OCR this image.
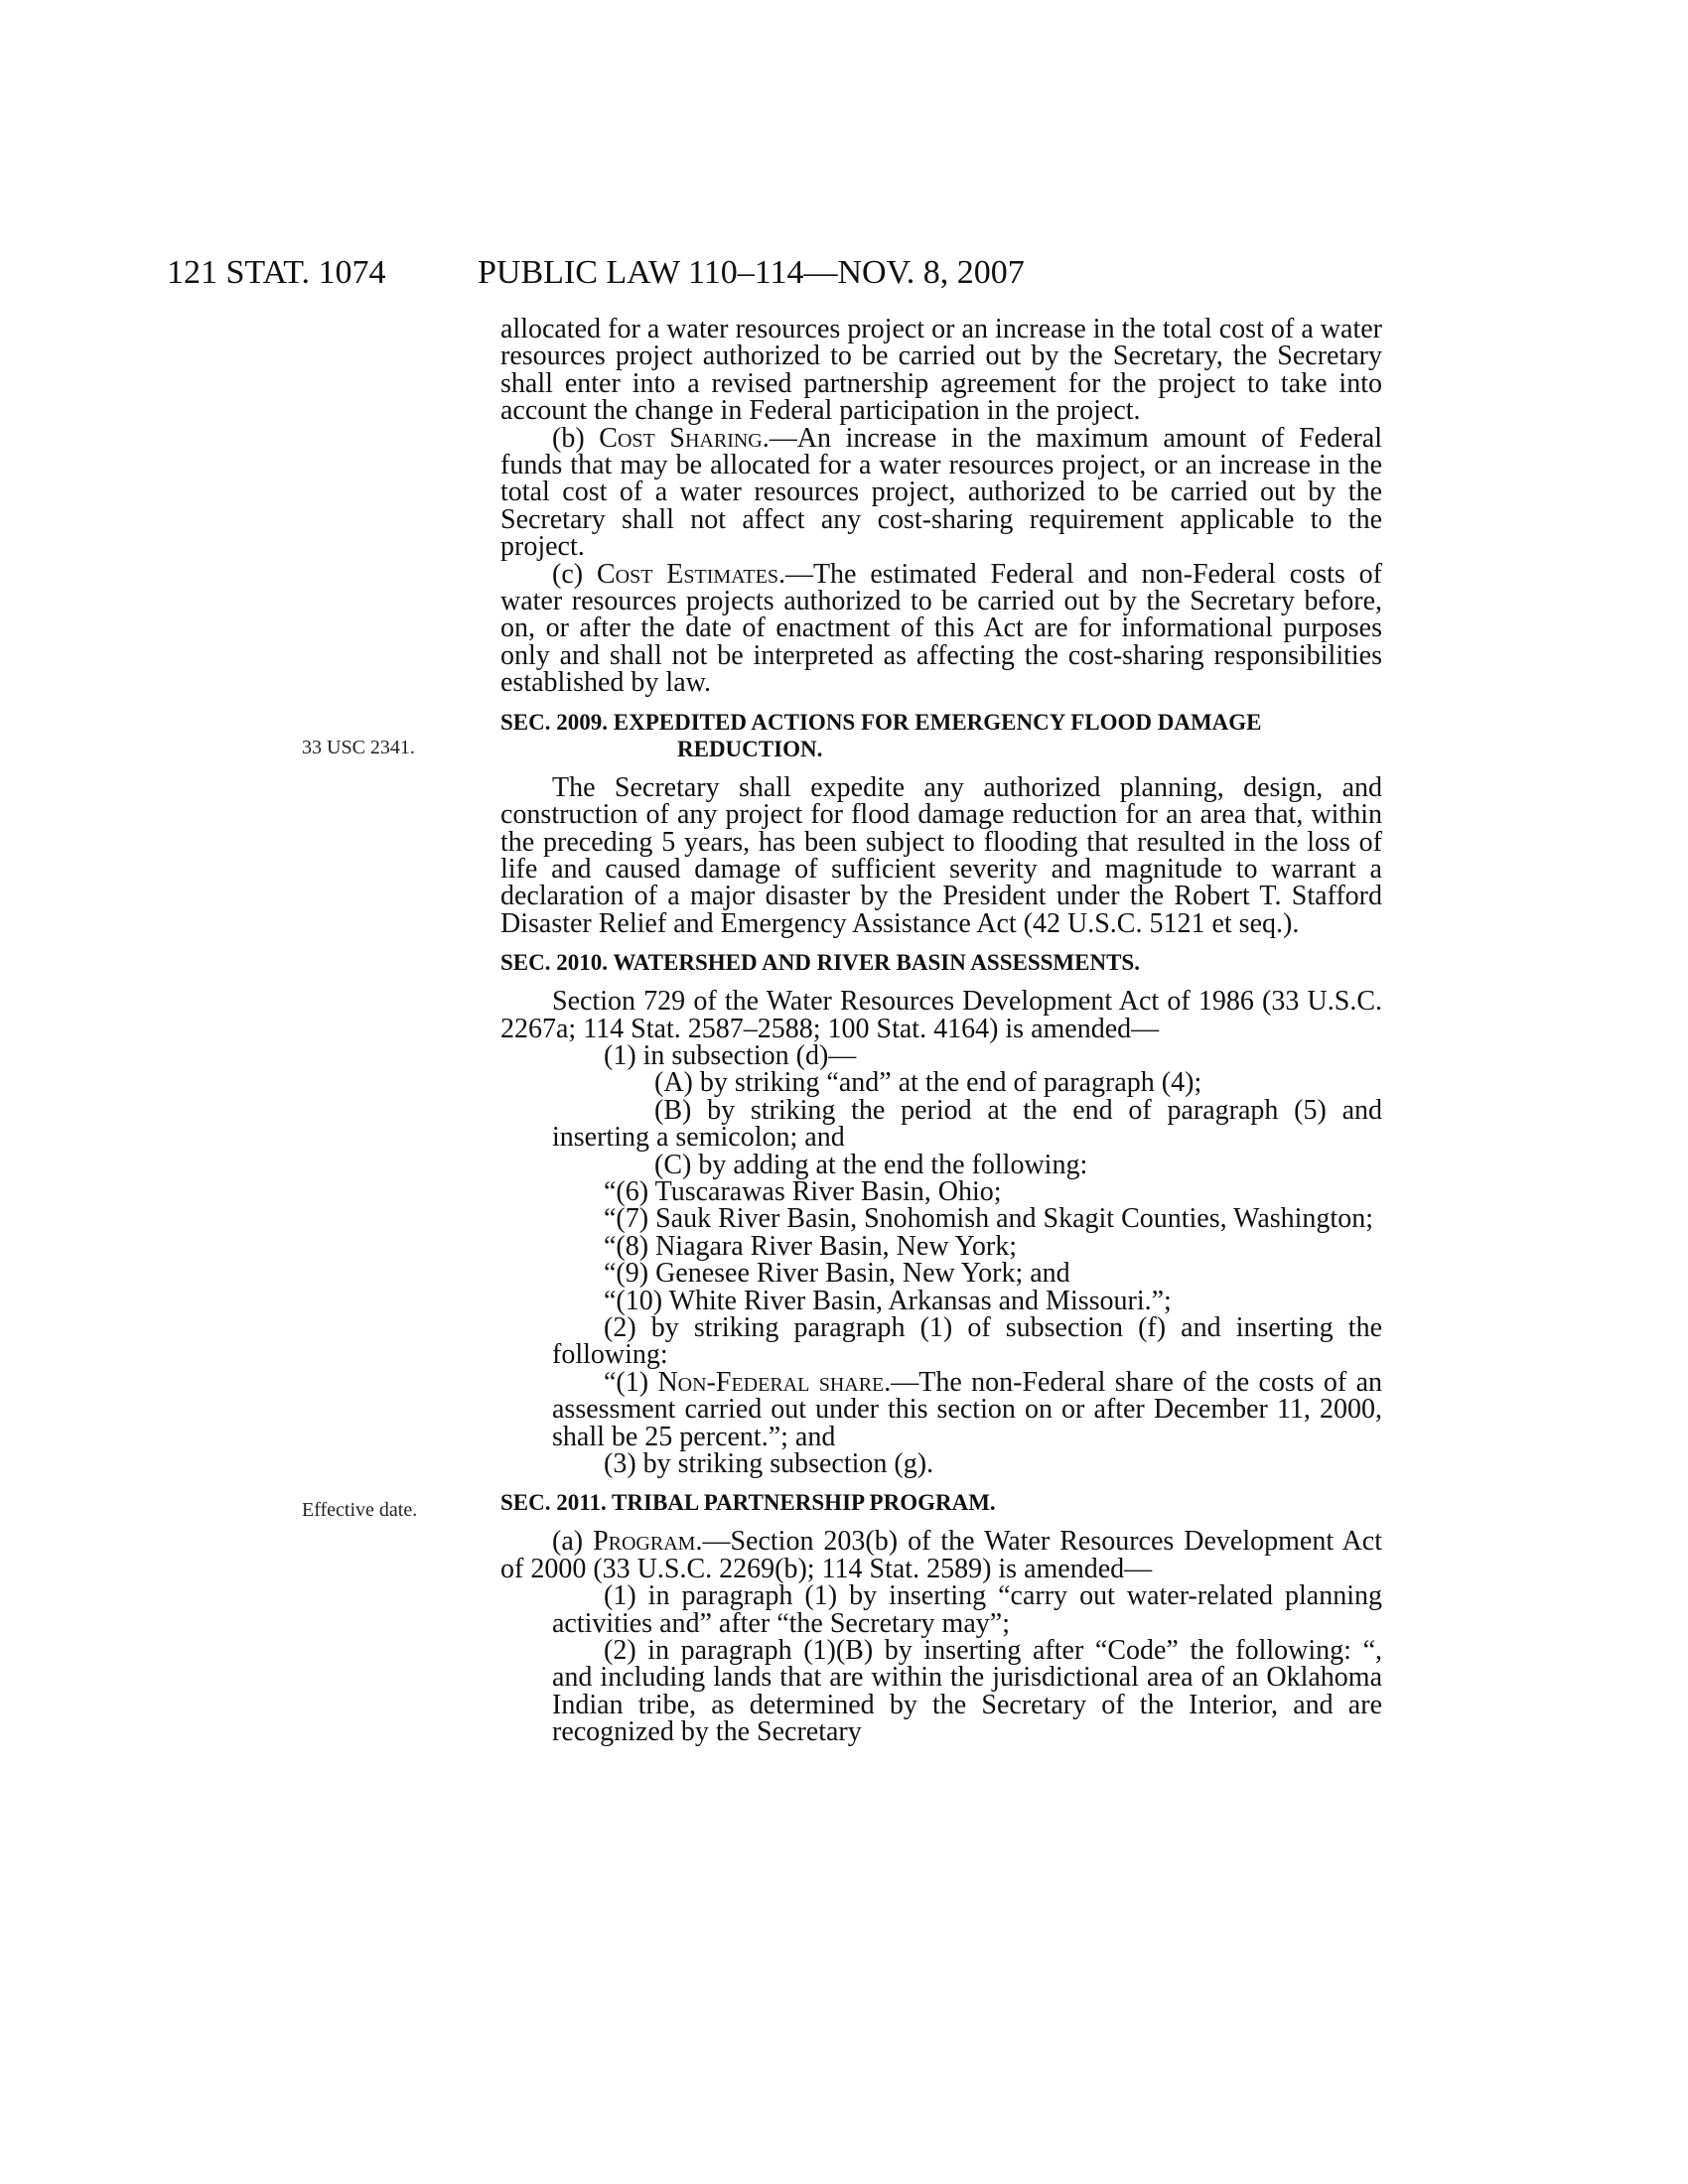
121 STAT. 1074	PUBLIC LAW 110–114—NOV. 8, 2007
33 USC 2341.
Effective date.

allocated for a water resources project or an increase in the total cost of a water resources project authorized to be carried out by the Secretary, the Secretary shall enter into a revised partnership agreement for the project to take into account the change in Federal participation in the project.

(b) Cost Sharing.—An increase in the maximum amount of Federal funds that may be allocated for a water resources project, or an increase in the total cost of a water resources project, authorized to be carried out by the Secretary shall not affect any cost-sharing requirement applicable to the project.

(c) Cost Estimates.—The estimated Federal and non-Federal costs of water resources projects authorized to be carried out by the Secretary before, on, or after the date of enactment of this Act are for informational purposes only and shall not be interpreted as affecting the cost-sharing responsibilities established by law.

SEC. 2009. EXPEDITED ACTIONS FOR EMERGENCY FLOOD DAMAGE
REDUCTION.

The Secretary shall expedite any authorized planning, design, and construction of any project for flood damage reduction for an area that, within the preceding 5 years, has been subject to flooding that resulted in the loss of life and caused damage of sufficient severity and magnitude to warrant a declaration of a major disaster by the President under the Robert T. Stafford Disaster Relief and Emergency Assistance Act (42 U.S.C. 5121 et seq.).

SEC. 2010. WATERSHED AND RIVER BASIN ASSESSMENTS.

Section 729 of the Water Resources Development Act of 1986 (33 U.S.C. 2267a; 114 Stat. 2587–2588; 100 Stat. 4164) is amended—

(1) in subsection (d)—

(A) by striking “and” at the end of paragraph (4);

(B) by striking the period at the end of paragraph (5) and inserting a semicolon; and

(C) by adding at the end the following:

“(6) Tuscarawas River Basin, Ohio;

“(7) Sauk River Basin, Snohomish and Skagit Counties, Washington;

“(8) Niagara River Basin, New York;

“(9) Genesee River Basin, New York; and

“(10) White River Basin, Arkansas and Missouri.”;

(2) by striking paragraph (1) of subsection (f) and inserting the following:

“(1) Non-Federal share.—The non-Federal share of the costs of an assessment carried out under this section on or after December 11, 2000, shall be 25 percent.”; and

(3) by striking subsection (g).

SEC. 2011. TRIBAL PARTNERSHIP PROGRAM.

(a) Program.—Section 203(b) of the Water Resources Development Act of 2000 (33 U.S.C. 2269(b); 114 Stat. 2589) is amended—

(1) in paragraph (1) by inserting “carry out water-related planning activities and” after “the Secretary may”;

(2) in paragraph (1)(B) by inserting after “Code” the following: “, and including lands that are within the jurisdictional area of an Oklahoma Indian tribe, as determined by the Secretary of the Interior, and are recognized by the Secretary
